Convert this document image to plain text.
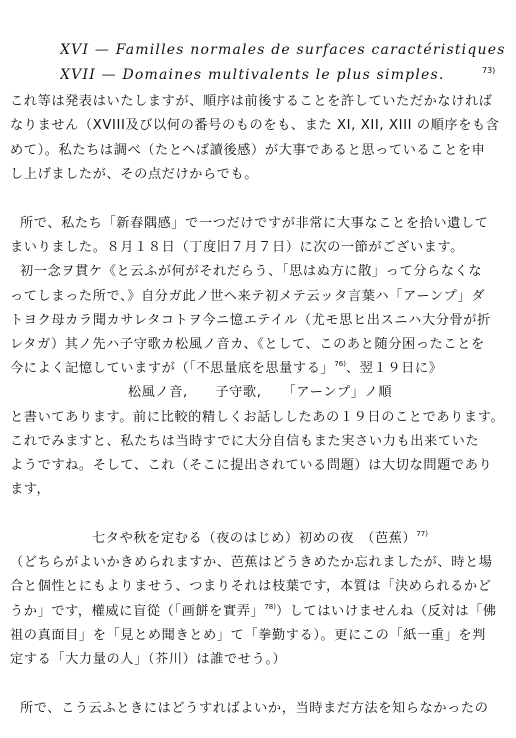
XVI — Familles normales de surfaces caractéristiques
XVII — Domaines multivalents le plus simples.	73)
これ等は発表はいたしますが、順序は前後することを許していただかなければ
なりません（XVIII及び以何の番号のものをも、また XI, XII, XIII の順序をも含
めて）。私たちは調べ（たとへば讀後感）が大事であると思っていることを申
し上げましたが、その点だけからでも。
所で、私たち「新春隅感」で一つだけですが非常に大事なことを拾い遺して
まいりました。８月１８日（丁度旧７月７日）に次の一節がございます。
初一念ヲ貫ケ《と云ふが何がそれだらう、「思はぬ方に散」って分らなくな
ってしまった所で、》自分ガ此ノ世ヘ来テ初メテ云ッタ言葉ハ「アーンプ」ダ
トヨク母カラ聞カサレタコトヲ今ニ憶エテイル（尤モ思ヒ出スニハ大分骨が折
レタガ）其ノ先ハ子守歌カ松風ノ音カ、《として、このあと随分困ったことを
今によく記憶していますが（「不思量底を思量する」$^{76)}$、翌１９日に》
松風ノ音,　　子守歌,　　「アーンプ」ノ順
と書いてあります。前に比較的精しくお話ししたあの１９日のことであります。
これでみますと、私たちは当時すでに大分自信もまた実さい力も出来ていた
ようですね。そして、これ（そこに提出されている問題）は大切な問題であり
ます，
七タや秋を定むる（夜のはじめ）初めの夜　（芭蕉）$^{77)}$
（どちらがよいかきめられますか、芭蕉はどうきめたか忘れましたが、時と場
合と個性とにもよりませう、つまりそれは枝葉です，本質は「決められるかど
うか」です，權威に盲從（「画餅を實弄」$^{78)}$）してはいけませんね（反対は「佛
祖の真面目」を「見とめ聞きとめ」て「拳勤する）。更にこの「紙一重」を判
定する「大力量の人」（芥川）は誰でせう。）
所で、こう云ふときにはどうすればよいか，当時まだ方法を知らなかったの
